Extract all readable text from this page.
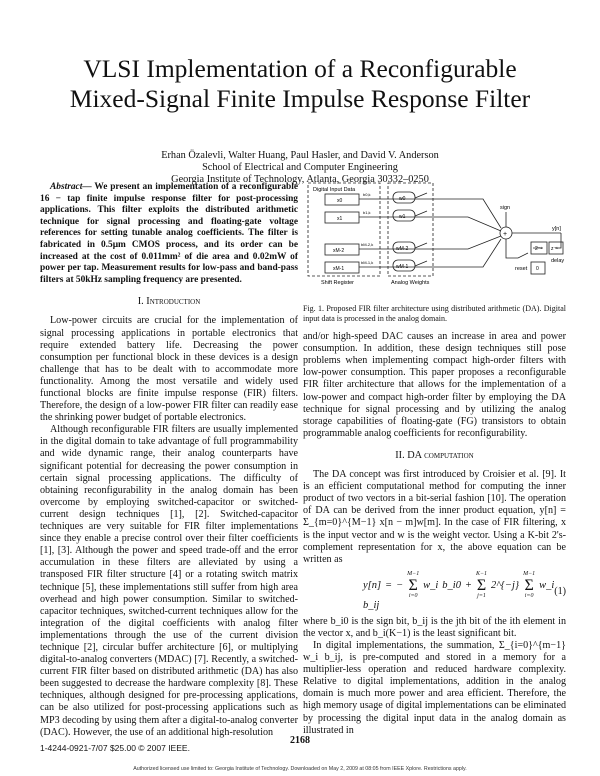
VLSI Implementation of a Reconfigurable
Mixed-Signal Finite Impulse Response Filter
Erhan Özalevli, Walter Huang, Paul Hasler, and David V. Anderson
School of Electrical and Computer Engineering
Georgia Institute of Technology, Atlanta, Georgia 30332–0250

Abstract— We present an implementation of a reconfigurable 16 − tap finite impulse response filter for post-processing applications. This filter exploits the distributed arithmetic technique for signal processing and floating-gate voltage references for setting tunable analog coefficients. The filter is fabricated in 0.5μm CMOS process, and its order can be increased at the cost of 0.011mm² of die area and 0.02mW of power per tap. Measurement results for low-pass and band-pass filters at 50kHz sampling frequency are presented.

I. Introduction

Low-power circuits are crucial for the implementation of signal processing applications in portable electronics that require extended battery life. Decreasing the power consumption per functional block in these devices is a design challenge that has to be dealt with to accommodate more functionality. Among the most versatile and widely used functional blocks are finite impulse response (FIR) filters. Therefore, the design of a low-power FIR filter can readily ease the shrinking power budget of portable electronics.

Although reconfigurable FIR filters are usually implemented in the digital domain to take advantage of full programmability and wide dynamic range, their analog counterparts have significant potential for decreasing the power consumption in certain signal processing applications. The difficulty of obtaining reconfigurability in the analog domain has been overcome by employing switched-capacitor or switched-current design techniques [1], [2]. Switched-capacitor techniques are very suitable for FIR filter implementations since they enable a precise control over their filter coefficients [1], [3]. Although the power and speed trade-off and the error accumulation in these filters are alleviated by using a transposed FIR filter structure [4] or a rotating switch matrix technique [5], these implementations still suffer from high area overhead and high power consumption. Similar to switched-capacitor techniques, switched-current techniques allow for the integration of the digital coefficients with analog filter implementations through the use of the current division technique [2], circular buffer architecture [6], or multiplying digital-to-analog converters (MDAC) [7]. Recently, a switched-current FIR filter based on distributed arithmetic (DA) has also been suggested to decrease the hardware complexity [8]. These techniques, although designed for pre-processing applications, can be also utilized for post-processing applications such as MP3 decoding by using them after a digital-to-analog converter (DAC). However, the use of an additional high-resolution

Digital Input Data
Shift Register	Analog Weights
x0
x1
xM-2
xM-1
w0
w1
wM-2
wM-1
b0,k
b1,k
bM-2,k
bM-1,k
+
sign
reset
delay
y[n]
2⁻¹ z⁻¹
0

Fig. 1. Proposed FIR filter architecture using distributed arithmetic (DA). Digital input data is processed in the analog domain.

and/or high-speed DAC causes an increase in area and power consumption. In addition, these design techniques still pose problems when implementing compact high-order filters with low-power consumption. This paper proposes a reconfigurable FIR filter architecture that allows for the implementation of a low-power and compact high-order filter by employing the DA technique for signal processing and by utilizing the analog storage capabilities of floating-gate (FG) transistors to obtain programmable analog coefficients for reconfigurability.

II. DA computation

The DA concept was first introduced by Croisier et al. [9]. It is an efficient computational method for computing the inner product of two vectors in a bit-serial fashion [10]. The operation of DA can be derived from the inner product equation, y[n] = Σ_{m=0}^{M−1} x[n − m]w[m]. In the case of FIR filtering, x is the input vector and w is the weight vector. Using a K-bit 2's-complement representation for x, the above equation can be written as

y[n] = − M−1
Σ
i=0 w_i b_i0 + K−1
Σ
j=1 2^{−j} M−1
Σ
i=0 w_i b_ij
(1)

where b_i0 is the sign bit, b_ij is the jth bit of the ith element in the vector x, and b_i(K−1) is the least significant bit.

In digital implementations, the summation, Σ_{i=0}^{m−1} w_i b_ij, is pre-computed and stored in a memory for a multiplier-less operation and reduced hardware complexity. Relative to digital implementations, addition in the analog domain is much more power and area efficient. Therefore, the high memory usage of digital implementations can be eliminated by processing the digital input data in the analog domain as illustrated in

1-4244-0921-7/07 $25.00 © 2007 IEEE.
2168
Authorized licensed use limited to: Georgia Institute of Technology. Downloaded on May 2, 2009 at 08:05 from IEEE Xplore. Restrictions apply.
